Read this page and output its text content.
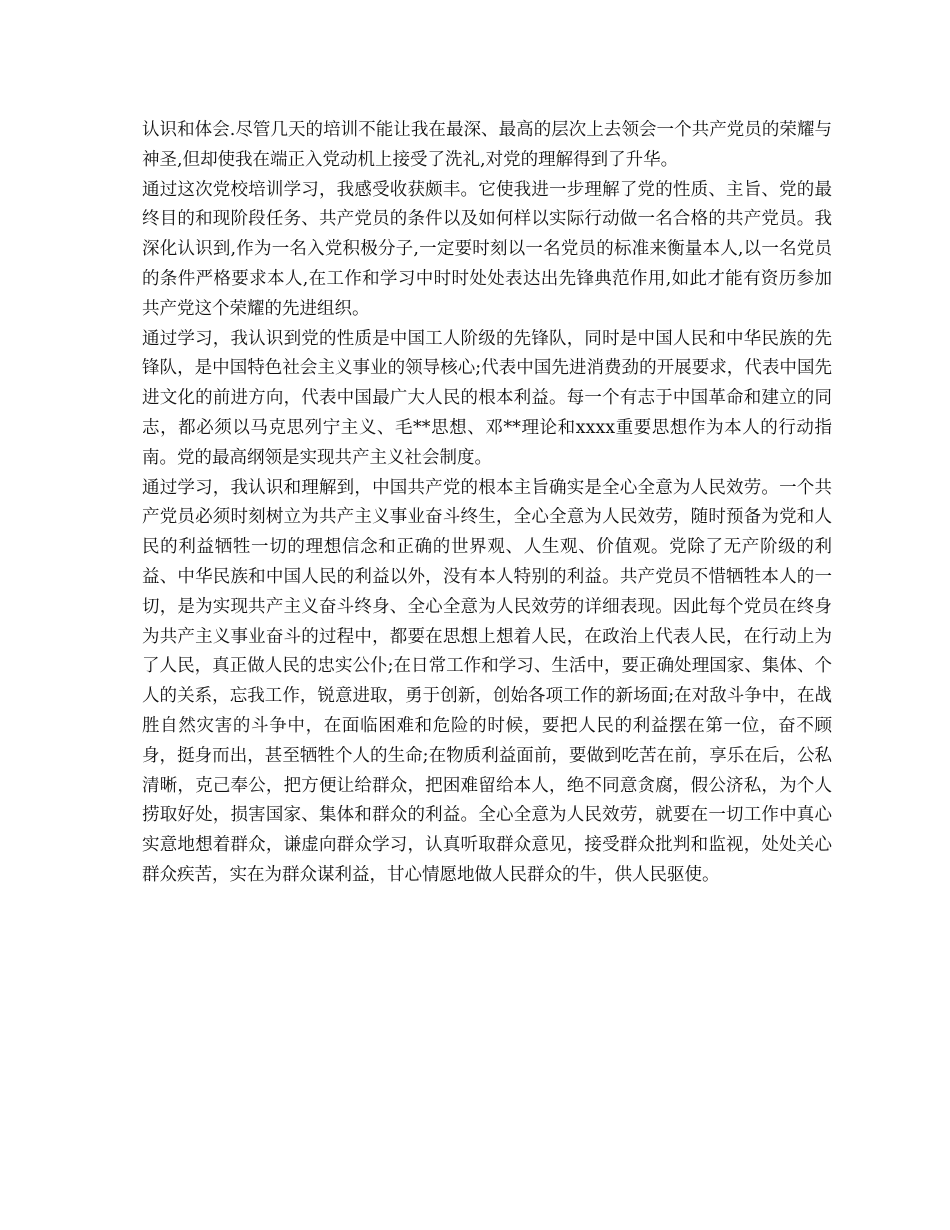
认识和体会.尽管几天的培训不能让我在最深、最高的层次上去领会一个共产党员的荣耀与神圣,但却使我在端正入党动机上接受了洗礼,对党的理解得到了升华。

通过这次党校培训学习，我感受收获颇丰。它使我进一步理解了党的性质、主旨、党的最终目的和现阶段任务、共产党员的条件以及如何样以实际行动做一名合格的共产党员。我深化认识到,作为一名入党积极分子,一定要时刻以一名党员的标准来衡量本人,以一名党员的条件严格要求本人,在工作和学习中时时处处表达出先锋典范作用,如此才能有资历参加共产党这个荣耀的先进组织。

通过学习，我认识到党的性质是中国工人阶级的先锋队，同时是中国人民和中华民族的先锋队，是中国特色社会主义事业的领导核心;代表中国先进消费劲的开展要求，代表中国先进文化的前进方向，代表中国最广大人民的根本利益。每一个有志于中国革命和建立的同志，都必须以马克思列宁主义、毛**思想、邓**理论和xxxx重要思想作为本人的行动指南。党的最高纲领是实现共产主义社会制度。

通过学习，我认识和理解到，中国共产党的根本主旨确实是全心全意为人民效劳。一个共产党员必须时刻树立为共产主义事业奋斗终生，全心全意为人民效劳，随时预备为党和人民的利益牺牲一切的理想信念和正确的世界观、人生观、价值观。党除了无产阶级的利益、中华民族和中国人民的利益以外，没有本人特别的利益。共产党员不惜牺牲本人的一切，是为实现共产主义奋斗终身、全心全意为人民效劳的详细表现。因此每个党员在终身为共产主义事业奋斗的过程中，都要在思想上想着人民，在政治上代表人民，在行动上为了人民，真正做人民的忠实公仆;在日常工作和学习、生活中，要正确处理国家、集体、个人的关系，忘我工作，锐意进取，勇于创新，创始各项工作的新场面;在对敌斗争中，在战胜自然灾害的斗争中，在面临困难和危险的时候，要把人民的利益摆在第一位，奋不顾身，挺身而出，甚至牺牲个人的生命;在物质利益面前，要做到吃苦在前，享乐在后，公私清晰，克己奉公，把方便让给群众，把困难留给本人，绝不同意贪腐，假公济私，为个人捞取好处，损害国家、集体和群众的利益。全心全意为人民效劳，就要在一切工作中真心实意地想着群众，谦虚向群众学习，认真听取群众意见，接受群众批判和监视，处处关心群众疾苦，实在为群众谋利益，甘心情愿地做人民群众的牛，供人民驱使。
